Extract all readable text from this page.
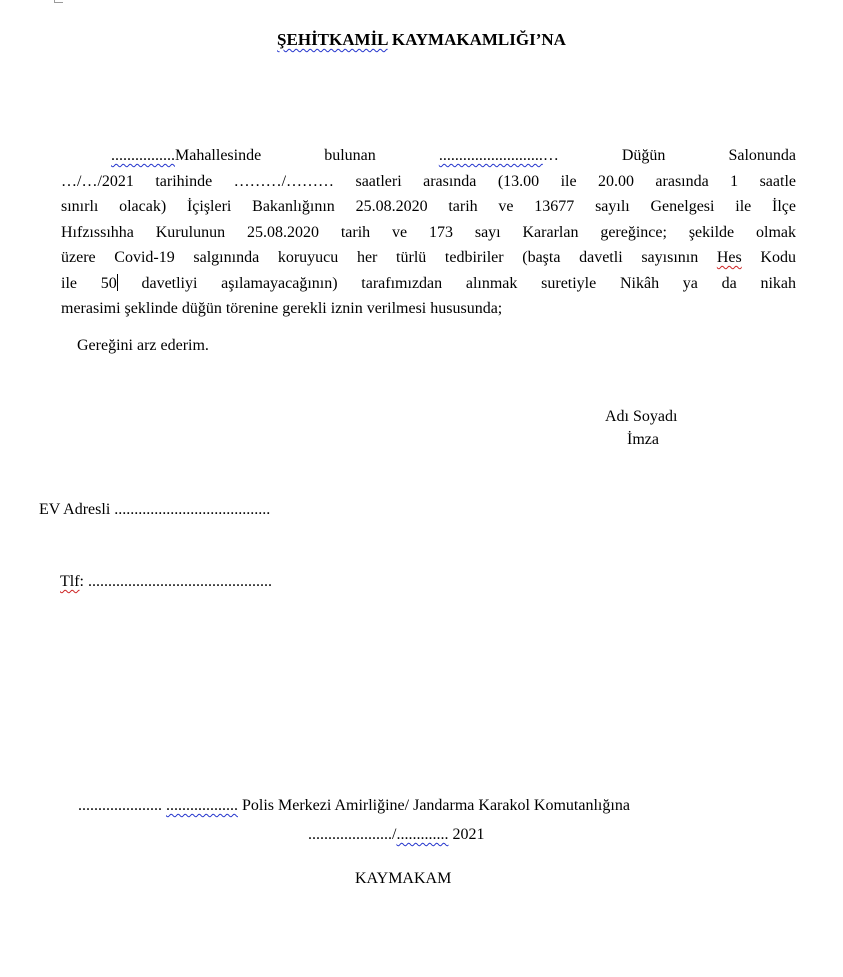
ŞEHİTKAMİL KAYMAKAMLIĞI’NA
................Mahallesinde bulunan	..........................…	Düğün	Salonunda
…/…/2021 tarihinde ………/……… saatleri arasında (13.00 ile 20.00 arasında 1 saatle
sınırlı olacak) İçişleri Bakanlığının 25.08.2020 tarih ve 13677 sayılı Genelgesi ile İlçe
Hıfzıssıhha Kurulunun 25.08.2020 tarih ve 173 sayı Kararlan gereğince; şekilde olmak
üzere Covid-19 salgınında koruyucu her türlü tedbiriler (başta davetli sayısının Hes Kodu
ile 50 davetliyi aşılamayacağının) tarafımızdan alınmak suretiyle Nikâh ya da nikah
merasimi şeklinde düğün törenine gerekli iznin verilmesi hususunda;
Gereğini arz ederim.
Adı Soyadı
İmza
EV Adresli .......................................
Tlf: ..............................................
..................... .................. Polis Merkezi Amirliğine/ Jandarma Karakol Komutanlığına
...................../............. 2021
KAYMAKAM
